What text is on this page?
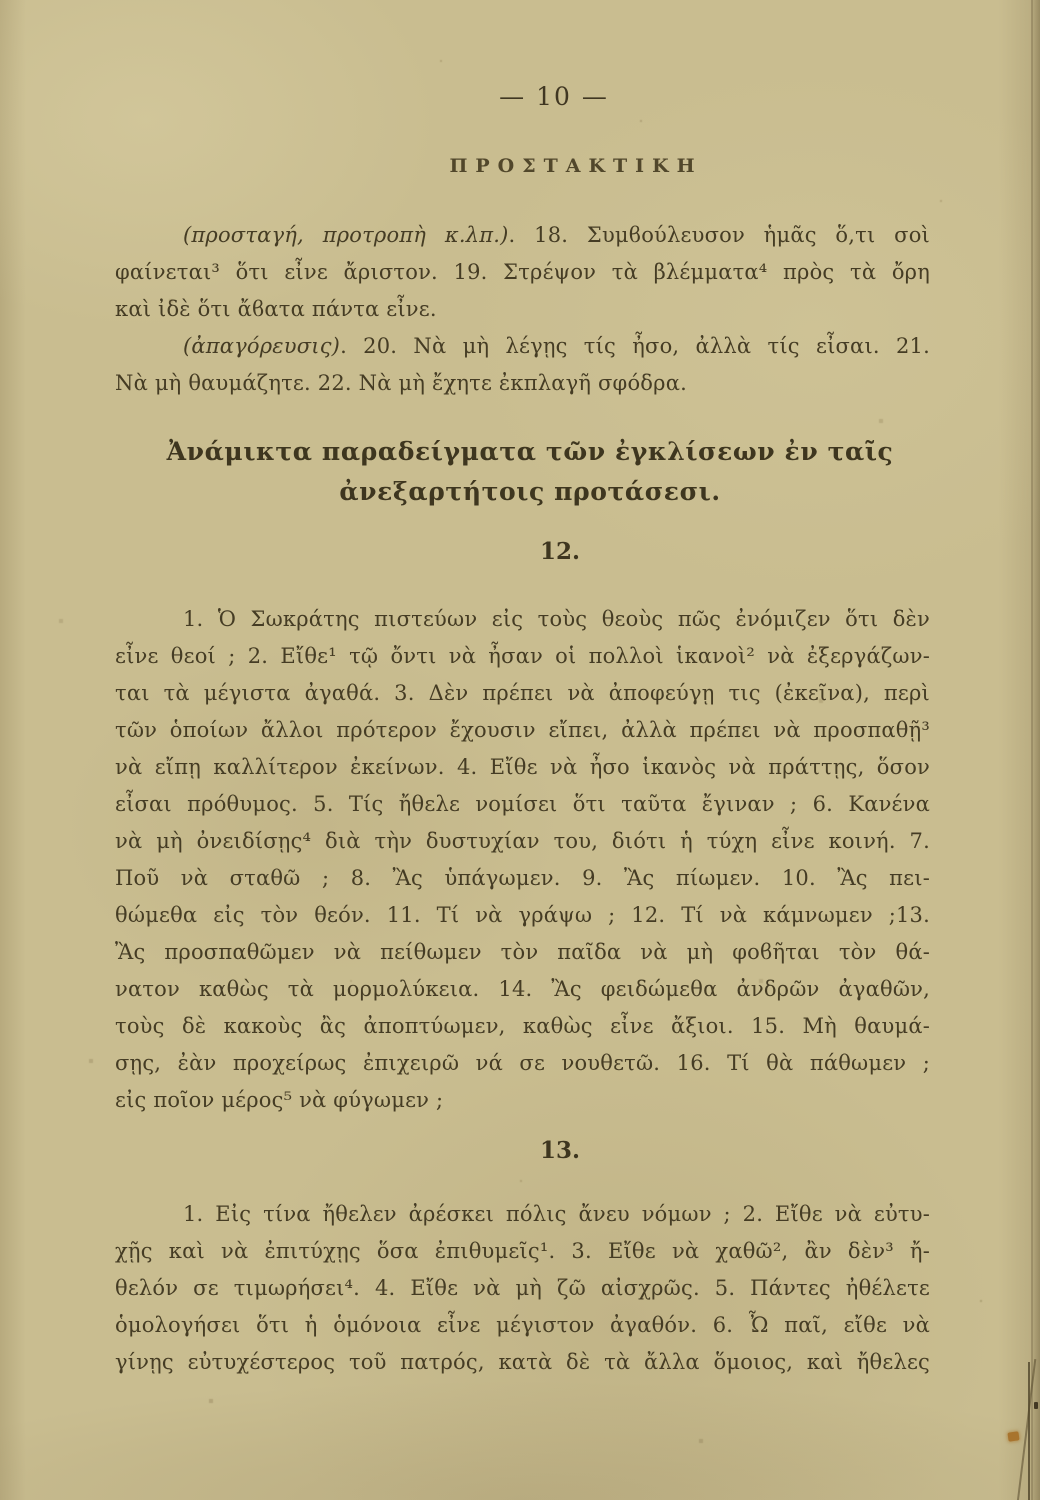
— 10 —
ΠΡΟΣΤΑΚΤΙΚΗ
(προσταγή, προτροπὴ κ.λπ.). 18. Συμϐούλευσον ἡμᾶς ὅ,τι σοὶ
φαίνεται³ ὅτι εἶνε ἄριστον. 19. Στρέψον τὰ βλέμματα⁴ πρὸς τὰ ὄρη
καὶ ἰδὲ ὅτι ἄϐατα πάντα εἶνε.
(ἀπαγόρευσις). 20. Νὰ μὴ λέγῃς τίς ἦσο, ἀλλὰ τίς εἶσαι. 21.
Νὰ μὴ θαυμάζητε. 22. Νὰ μὴ ἔχητε ἐκπλαγῆ σφόδρα.
Ἀνάμικτα παραδείγματα τῶν ἐγκλίσεων ἐν ταῖς
ἀνεξαρτήτοις προτάσεσι.
12.
1. Ὁ Σωκράτης πιστεύων εἰς τοὺς θεοὺς πῶς ἐνόμιζεν ὅτι δὲν
εἶνε θεοί ; 2. Εἴθε¹ τῷ ὄντι νὰ ἦσαν οἱ πολλοὶ ἱκανοὶ² νὰ ἐξεργάζων-
ται τὰ μέγιστα ἀγαθά. 3. Δὲν πρέπει νὰ ἀποφεύγῃ τις (ἐκεῖνα), περὶ
τῶν ὁποίων ἄλλοι πρότερον ἔχουσιν εἴπει, ἀλλὰ πρέπει νὰ προσπαθῇ³
νὰ εἴπῃ καλλίτερον ἐκείνων. 4. Εἴθε νὰ ἦσο ἱκανὸς νὰ πράττῃς, ὅσον
εἶσαι πρόθυμος. 5. Τίς ἤθελε νομίσει ὅτι ταῦτα ἔγιναν ; 6. Κανένα
νὰ μὴ ὀνειδίσῃς⁴ διὰ τὴν δυστυχίαν του, διότι ἡ τύχη εἶνε κοινή. 7.
Ποῦ νὰ σταθῶ ; 8. Ἂς ὑπάγωμεν. 9. Ἂς πίωμεν. 10. Ἂς πει-
θώμεθα εἰς τὸν θεόν. 11. Τί νὰ γράψω ; 12. Τί νὰ κάμνωμεν ;13.
Ἂς προσπαθῶμεν νὰ πείθωμεν τὸν παῖδα νὰ μὴ φοϐῆται τὸν θά-
νατον καθὼς τὰ μορμολύκεια. 14. Ἂς φειδώμεθα ἀνδρῶν ἀγαθῶν,
τοὺς δὲ κακοὺς ἂς ἀποπτύωμεν, καθὼς εἶνε ἄξιοι. 15. Μὴ θαυμά-
σῃς, ἐὰν προχείρως ἐπιχειρῶ νά σε νουθετῶ. 16. Τί θὰ πάθωμεν ;
εἰς ποῖον μέρος⁵ νὰ φύγωμεν ;
13.
1. Εἰς τίνα ἤθελεν ἀρέσκει πόλις ἄνευ νόμων ; 2. Εἴθε νὰ εὐτυ-
χῇς καὶ νὰ ἐπιτύχῃς ὅσα ἐπιθυμεῖς¹. 3. Εἴθε νὰ χαθῶ², ἂν δὲν³ ἤ-
θελόν σε τιμωρήσει⁴. 4. Εἴθε νὰ μὴ ζῶ αἰσχρῶς. 5. Πάντες ἠθέλετε
ὁμολογήσει ὅτι ἡ ὁμόνοια εἶνε μέγιστον ἀγαθόν. 6. Ὦ παῖ, εἴθε νὰ
γίνῃς εὐτυχέστερος τοῦ πατρός, κατὰ δὲ τὰ ἄλλα ὅμοιος, καὶ ἤθελες
